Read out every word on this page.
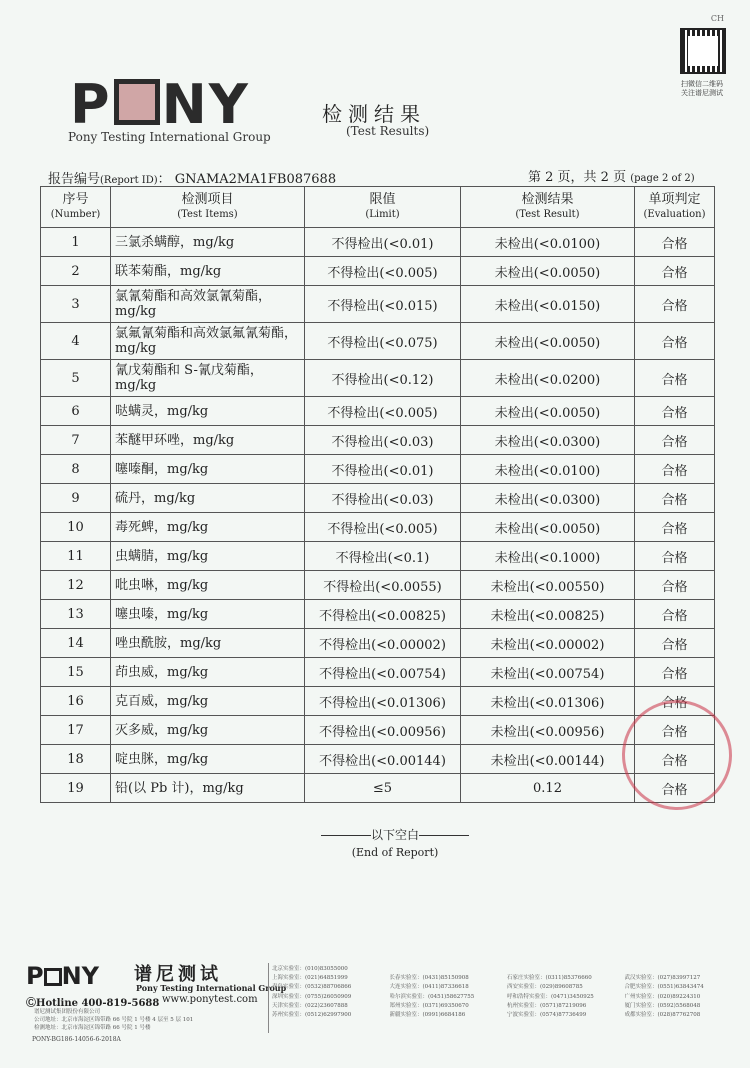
CH
扫微信二维码
关注谱尼测试
P NY
Pony Testing International Group
检测结果
(Test Results)
报告编号(Report ID)： GNAMA2MA1FB087688	第 2 页，共 2 页 (page 2 of 2)
序号
(Number)	检测项目
(Test Items)	限值
(Limit)	检测结果
(Test Result)	单项判定
(Evaluation)

1	三氯杀螨醇，mg/kg	不得检出(<0.01)	未检出(<0.0100)	合格
2	联苯菊酯，mg/kg	不得检出(<0.005)	未检出(<0.0050)	合格
3	氯氰菊酯和高效氯氰菊酯，mg/kg	不得检出(<0.015)	未检出(<0.0150)	合格
4	氯氟氰菊酯和高效氯氟氰菊酯，mg/kg	不得检出(<0.075)	未检出(<0.0050)	合格
5	氰戊菊酯和 S-氰戊菊酯，mg/kg	不得检出(<0.12)	未检出(<0.0200)	合格
6	哒螨灵，mg/kg	不得检出(<0.005)	未检出(<0.0050)	合格
7	苯醚甲环唑，mg/kg	不得检出(<0.03)	未检出(<0.0300)	合格
8	噻嗪酮，mg/kg	不得检出(<0.01)	未检出(<0.0100)	合格
9	硫丹，mg/kg	不得检出(<0.03)	未检出(<0.0300)	合格
10	毒死蜱，mg/kg	不得检出(<0.005)	未检出(<0.0050)	合格
11	虫螨腈，mg/kg	不得检出(<0.1)	未检出(<0.1000)	合格
12	吡虫啉，mg/kg	不得检出(<0.0055)	未检出(<0.00550)	合格
13	噻虫嗪，mg/kg	不得检出(<0.00825)	未检出(<0.00825)	合格
14	唑虫酰胺，mg/kg	不得检出(<0.00002)	未检出(<0.00002)	合格
15	茚虫威，mg/kg	不得检出(<0.00754)	未检出(<0.00754)	合格
16	克百威，mg/kg	不得检出(<0.01306)	未检出(<0.01306)	合格
17	灭多威，mg/kg	不得检出(<0.00956)	未检出(<0.00956)	合格
18	啶虫脒，mg/kg	不得检出(<0.00144)	未检出(<0.00144)	合格
19	铅(以 Pb 计)，mg/kg	≤5	0.12	合格
以下空白
(End of Report)
P NY 谱尼测试
Pony Testing International Group
ⒸHotline 400-819-5688 www.ponytest.com
谱尼测试集团股份有限公司
公司地址：北京市海淀区锦带路 66 号院 1 号楼 4 层至 5 层 101
检测地址：北京市海淀区锦带路 66 号院 1 号楼
PONY-BG186-14056-6-2018A
北京实验室：(010)83055000
上海实验室：(021)64851999	长春实验室：(0431)85150908	石家庄实验室：(0311)85376660	武汉实验室：(027)83997127
青岛实验室：(0532)88706866	大连实验室：(0411)87336618	西安实验室：(029)89608785	合肥实验室：(0551)63843474
深圳实验室：(0755)26050909	哈尔滨实验室：(0451)58627755	呼和浩特实验室：(0471)3450925	广州实验室：(020)89224310
天津实验室：(022)23607888	郑州实验室：(0371)69350670	杭州实验室：(0571)87219096	厦门实验室：(0592)5568048
苏州实验室：(0512)62997900	新疆实验室：(0991)6684186	宁波实验室：(0574)87736499	成都实验室：(028)87762708
